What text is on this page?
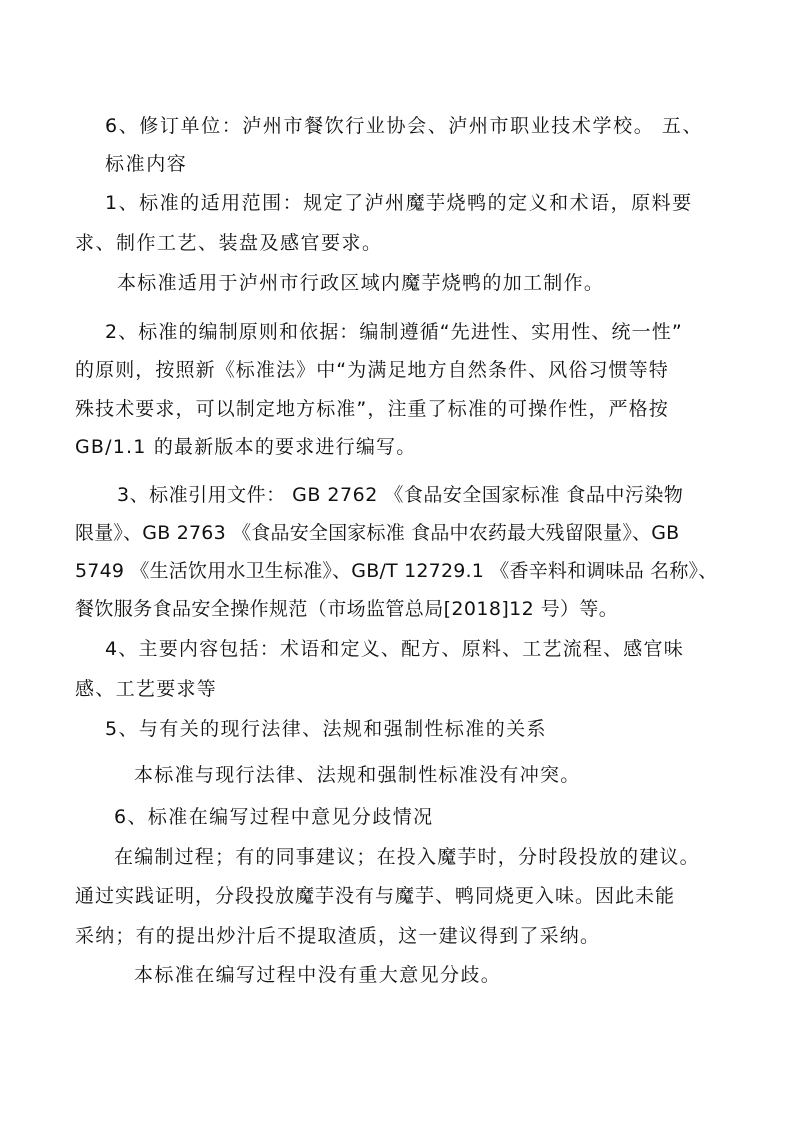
6、修订单位：泸州市餐饮行业协会、泸州市职业技术学校。 五、
标准内容
1、标准的适用范围：规定了泸州魔芋烧鸭的定义和术语，原料要
求、制作工艺、装盘及感官要求。
本标准适用于泸州市行政区域内魔芋烧鸭的加工制作。
2、标准的编制原则和依据：编制遵循“先进性、实用性、统一性”
的原则，按照新《标准法》中“为满足地方自然条件、风俗习惯等特
殊技术要求，可以制定地方标准”，注重了标准的可操作性，严格按
GB/1.1 的最新版本的要求进行编写。
3、标准引用文件： GB 2762 《食品安全国家标准 食品中污染物
限量》、GB 2763 《食品安全国家标准 食品中农药最大残留限量》、GB
5749 《生活饮用水卫生标准》、GB/T 12729.1 《香辛料和调味品 名称》、
餐饮服务食品安全操作规范（市场监管总局[2018]12 号）等。
4、主要内容包括：术语和定义、配方、原料、工艺流程、感官味
感、工艺要求等
5、与有关的现行法律、法规和强制性标准的关系
本标准与现行法律、法规和强制性标准没有冲突。
6、标准在编写过程中意见分歧情况
在编制过程；有的同事建议；在投入魔芋时，分时段投放的建议。
通过实践证明，分段投放魔芋没有与魔芋、鸭同烧更入味。因此未能
采纳；有的提出炒汁后不提取渣质，这一建议得到了采纳。
本标准在编写过程中没有重大意见分歧。
